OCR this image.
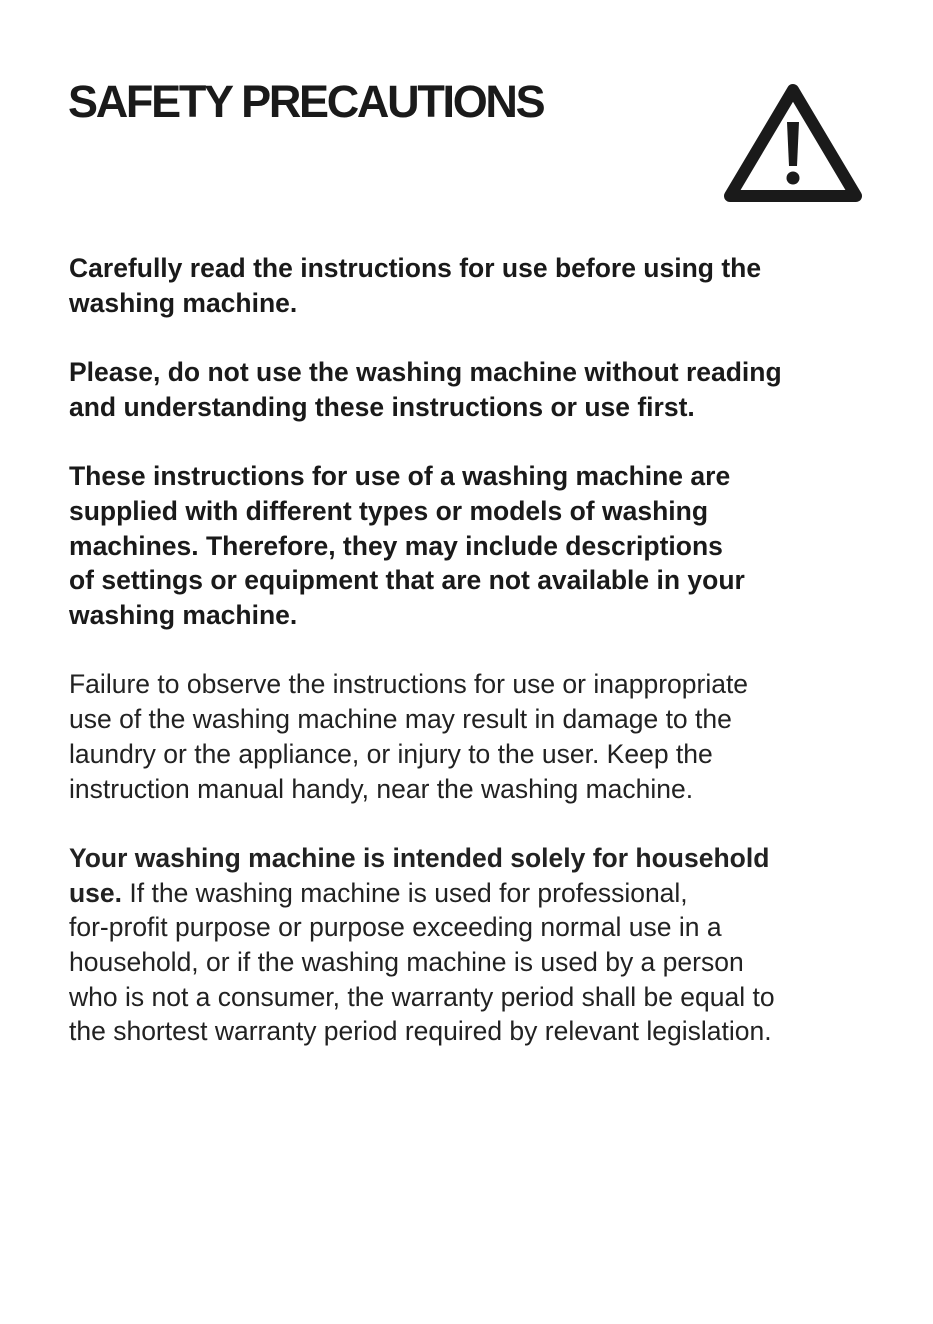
SAFETY PRECAUTIONS

Carefully read the instructions for use before using the
washing machine.

Please, do not use the washing machine without reading
and understanding these instructions or use first.

These instructions for use of a washing machine are
supplied with different types or models of washing
machines. Therefore, they may include descriptions
of settings or equipment that are not available in your
washing machine.

Failure to observe the instructions for use or inappropriate
use of the washing machine may result in damage to the
laundry or the appliance, or injury to the user. Keep the
instruction manual handy, near the washing machine.

Your washing machine is intended solely for household
use. If the washing machine is used for professional,
for-profit purpose or purpose exceeding normal use in a
household, or if the washing machine is used by a person
who is not a consumer, the warranty period shall be equal to
the shortest warranty period required by relevant legislation.
